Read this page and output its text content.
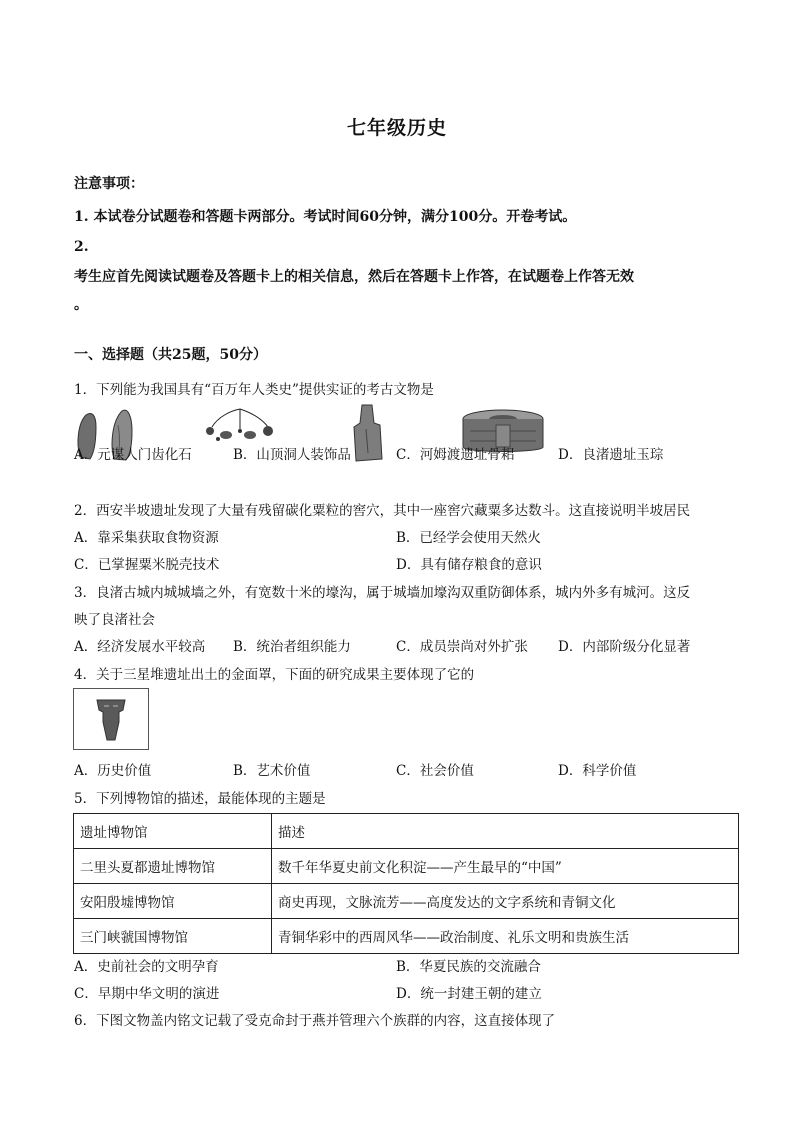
七年级历史
注意事项：
1. 本试卷分试题卷和答题卡两部分。考试时间60分钟，满分100分。开卷考试。
2.
考生应首先阅读试题卷及答题卡上的相关信息，然后在答题卡上作答，在试题卷上作答无效
。
一、选择题（共25题，50分）
1．下列能为我国具有“百万年人类史”提供实证的考古文物是
A．元谋人门齿化石	B．山顶洞人装饰品	C．河姆渡遗址骨耜	D．良渚遗址玉琮
2．西安半坡遗址发现了大量有残留碳化粟粒的窖穴，其中一座窖穴藏粟多达数斗。这直接说明半坡居民
A．靠采集获取食物资源	B．已经学会使用天然火
C．已掌握粟米脱壳技术	D．具有储存粮食的意识
3．良渚古城内城城墙之外，有宽数十米的壕沟，属于城墙加壕沟双重防御体系，城内外多有城河。这反
映了良渚社会
A．经济发展水平较高 B．统治者组织能力	C．成员崇尚对外扩张 D．内部阶级分化显著
4．关于三星堆遗址出土的金面罩，下面的研究成果主要体现了它的
A．历史价值	B．艺术价值	C．社会价值	D．科学价值
5．下列博物馆的描述，最能体现的主题是
遗址博物馆	描述
二里头夏都遗址博物馆	数千年华夏史前文化积淀——产生最早的“中国”
安阳殷墟博物馆	商史再现，文脉流芳——高度发达的文字系统和青铜文化
三门峡虢国博物馆	青铜华彩中的西周风华——政治制度、礼乐文明和贵族生活
A．史前社会的文明孕育	B．华夏民族的交流融合
C．早期中华文明的演进	D．统一封建王朝的建立
6．下图文物盖内铭文记载了受克命封于燕并管理六个族群的内容，这直接体现了
